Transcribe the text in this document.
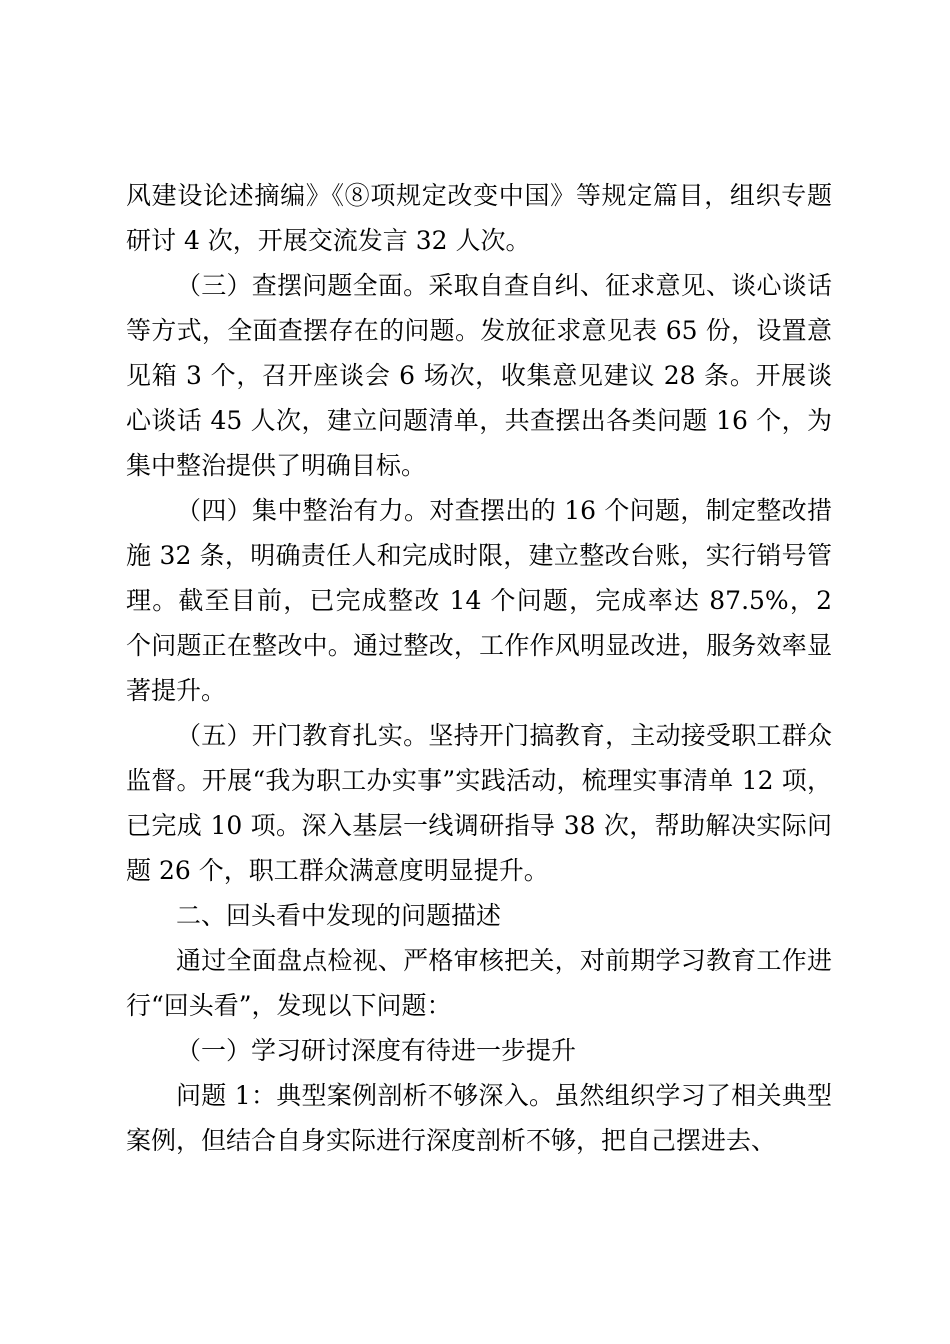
风建设论述摘编》《⑧项规定改变中国》等规定篇目，组织专题研讨 4 次，开展交流发言 32 人次。

（三）查摆问题全面。采取自查自纠、征求意见、谈心谈话等方式，全面查摆存在的问题。发放征求意见表 65 份，设置意见箱 3 个，召开座谈会 6 场次，收集意见建议 28 条。开展谈心谈话 45 人次，建立问题清单，共查摆出各类问题 16 个，为集中整治提供了明确目标。

（四）集中整治有力。对查摆出的 16 个问题，制定整改措施 32 条，明确责任人和完成时限，建立整改台账，实行销号管理。截至目前，已完成整改 14 个问题，完成率达 87.5%，2 个问题正在整改中。通过整改，工作作风明显改进，服务效率显著提升。

（五）开门教育扎实。坚持开门搞教育，主动接受职工群众监督。开展“我为职工办实事”实践活动，梳理实事清单 12 项，已完成 10 项。深入基层一线调研指导 38 次，帮助解决实际问题 26 个，职工群众满意度明显提升。

二、回头看中发现的问题描述

通过全面盘点检视、严格审核把关，对前期学习教育工作进行“回头看”，发现以下问题：

（一）学习研讨深度有待进一步提升

问题 1：典型案例剖析不够深入。虽然组织学习了相关典型案例，但结合自身实际进行深度剖析不够，把自己摆进去、
